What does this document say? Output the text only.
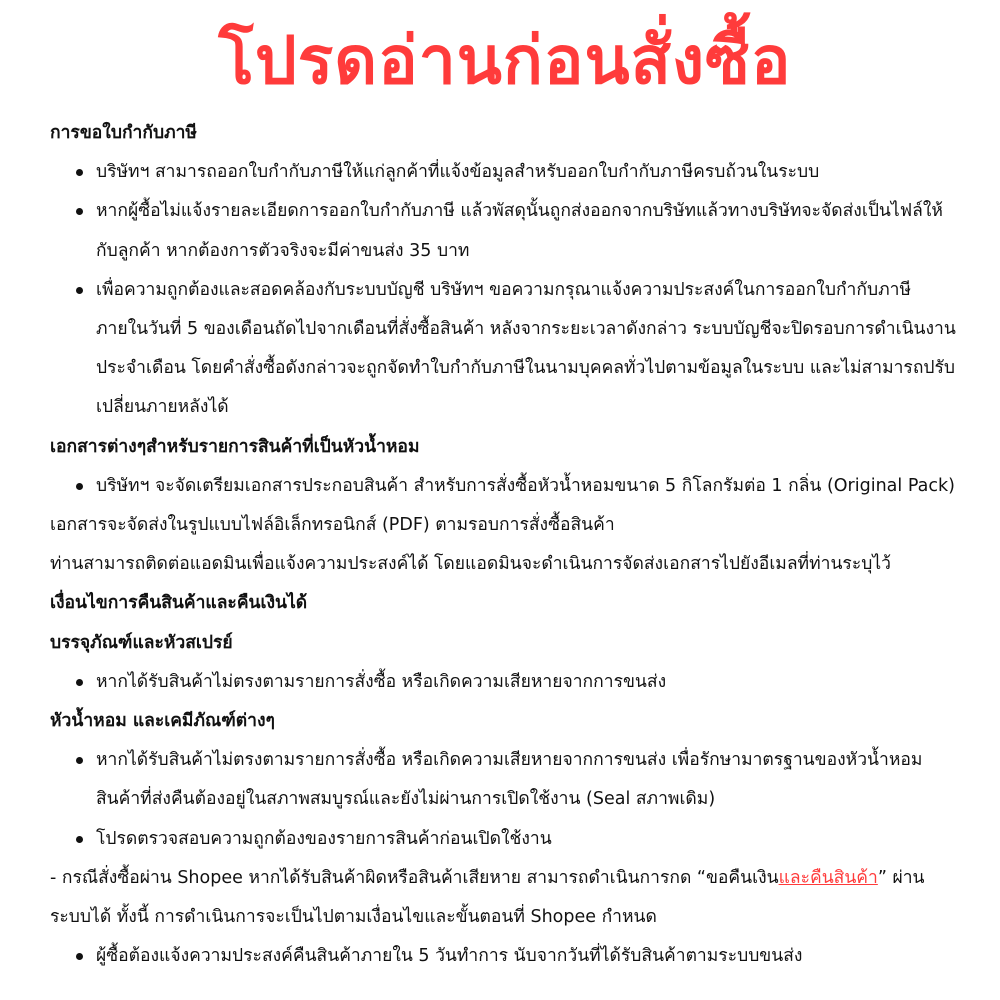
โปรดอ่านก่อนสั่งซื้อ

การขอใบกำกับภาษี

บริษัทฯ สามารถออกใบกำกับภาษีให้แก่ลูกค้าที่แจ้งข้อมูลสำหรับออกใบกำกับภาษีครบถ้วนในระบบ
หากผู้ซื้อไม่แจ้งรายละเอียดการออกใบกำกับภาษี แล้วพัสดุนั้นถูกส่งออกจากบริษัทแล้วทางบริษัทจะจัดส่งเป็นไฟล์ให้กับลูกค้า หากต้องการตัวจริงจะมีค่าขนส่ง 35 บาท
เพื่อความถูกต้องและสอดคล้องกับระบบบัญชี บริษัทฯ ขอความกรุณาแจ้งความประสงค์ในการออกใบกำกับภาษีภายในวันที่ 5 ของเดือนถัดไปจากเดือนที่สั่งซื้อสินค้า หลังจากระยะเวลาดังกล่าว ระบบบัญชีจะปิดรอบการดำเนินงานประจำเดือน โดยคำสั่งซื้อดังกล่าวจะถูกจัดทำใบกำกับภาษีในนามบุคคลทั่วไปตามข้อมูลในระบบ และไม่สามารถปรับเปลี่ยนภายหลังได้

เอกสารต่างๆสำหรับรายการสินค้าที่เป็นหัวน้ำหอม

บริษัทฯ จะจัดเตรียมเอกสารประกอบสินค้า สำหรับการสั่งซื้อหัวน้ำหอมขนาด 5 กิโลกรัมต่อ 1 กลิ่น (Original Pack)

เอกสารจะจัดส่งในรูปแบบไฟล์อิเล็กทรอนิกส์ (PDF) ตามรอบการสั่งซื้อสินค้า

ท่านสามารถติดต่อแอดมินเพื่อแจ้งความประสงค์ได้ โดยแอดมินจะดำเนินการจัดส่งเอกสารไปยังอีเมลที่ท่านระบุไว้

เงื่อนไขการคืนสินค้าและคืนเงินได้

บรรจุภัณฑ์และหัวสเปรย์

หากได้รับสินค้าไม่ตรงตามรายการสั่งซื้อ หรือเกิดความเสียหายจากการขนส่ง

หัวน้ำหอม และเคมีภัณฑ์ต่างๆ

หากได้รับสินค้าไม่ตรงตามรายการสั่งซื้อ หรือเกิดความเสียหายจากการขนส่ง เพื่อรักษามาตรฐานของหัวน้ำหอมสินค้าที่ส่งคืนต้องอยู่ในสภาพสมบูรณ์และยังไม่ผ่านการเปิดใช้งาน (Seal สภาพเดิม)
โปรดตรวจสอบความถูกต้องของรายการสินค้าก่อนเปิดใช้งาน

- กรณีสั่งซื้อผ่าน Shopee หากได้รับสินค้าผิดหรือสินค้าเสียหาย สามารถดำเนินการกด “ขอคืนเงินและคืนสินค้า” ผ่านระบบได้ ทั้งนี้ การดำเนินการจะเป็นไปตามเงื่อนไขและขั้นตอนที่ Shopee กำหนด

ผู้ซื้อต้องแจ้งความประสงค์คืนสินค้าภายใน 5 วันทำการ นับจากวันที่ได้รับสินค้าตามระบบขนส่ง
